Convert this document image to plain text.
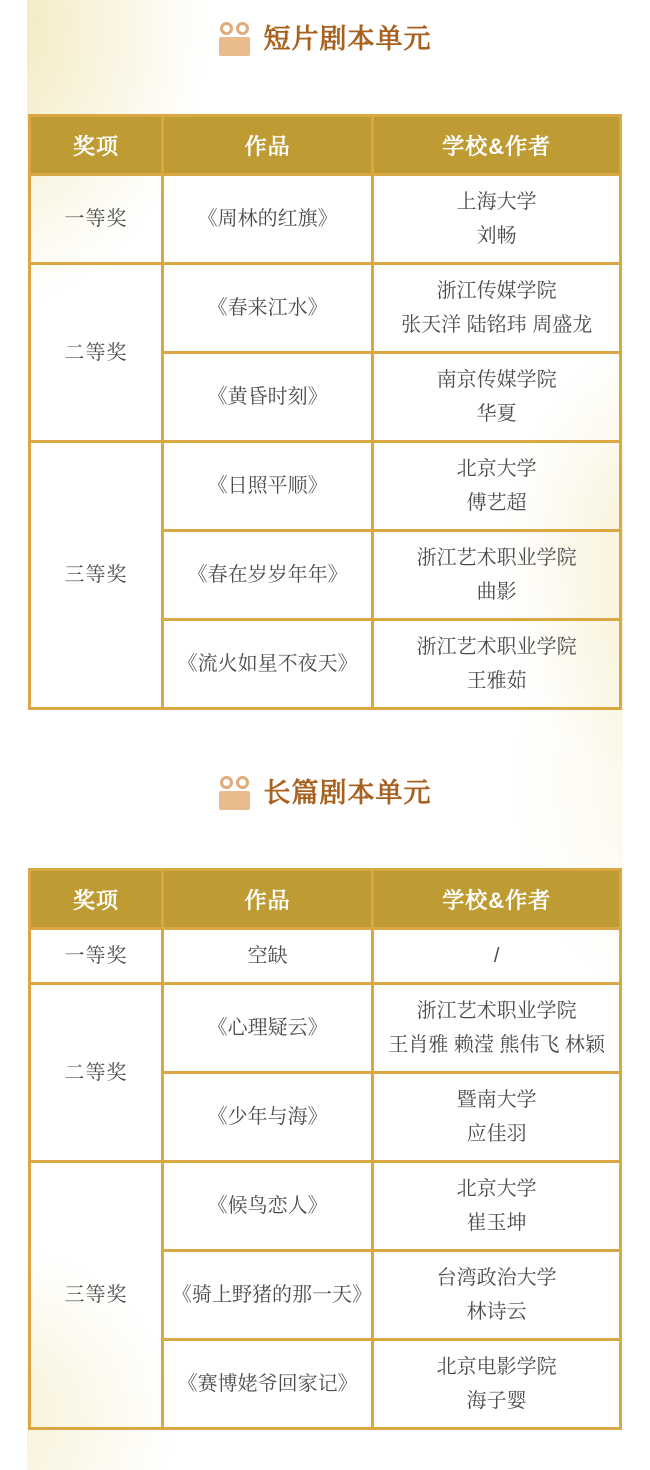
短片剧本单元
奖项	作品	学校&作者
一等奖	《周林的红旗》	上海大学
刘畅

二等奖	《春来江水》	浙江传媒学院
张天洋 陆铭玮 周盛龙

	《黄昏时刻》	南京传媒学院
华夏

三等奖	《日照平顺》	北京大学
傅艺超

	《春在岁岁年年》	浙江艺术职业学院
曲影

	《流火如星不夜天》	浙江艺术职业学院
王雅茹
长篇剧本单元
奖项	作品	学校&作者
一等奖	空缺	/

二等奖	《心理疑云》	浙江艺术职业学院
王肖雅 赖滢 熊伟飞 林颖

	《少年与海》	暨南大学
应佳羽

三等奖	《候鸟恋人》	北京大学
崔玉坤

	《骑上野猪的那一天》	台湾政治大学
林诗云

	《赛博姥爷回家记》	北京电影学院
海子婴
